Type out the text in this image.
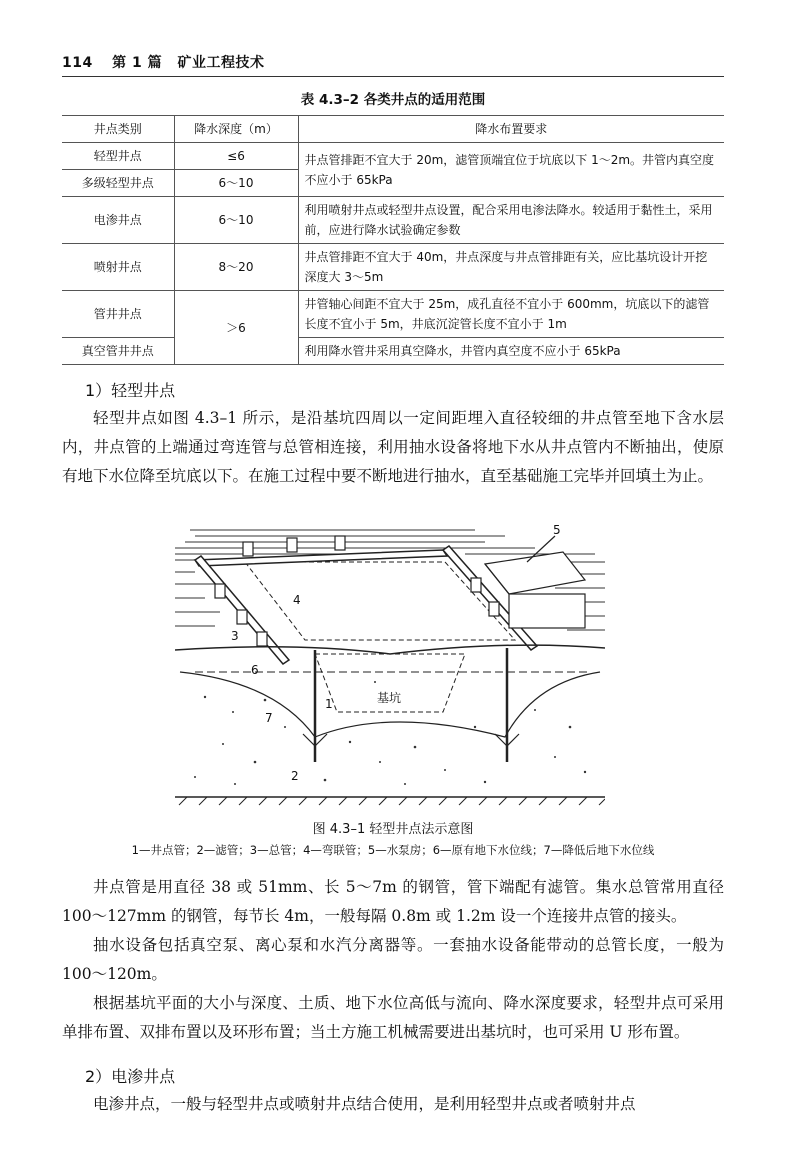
114 第 1 篇 矿业工程技术
表 4.3–2 各类井点的适用范围
井点类别	降水深度（m）	降水布置要求
轻型井点	≤6	井点管排距不宜大于 20m，滤管顶端宜位于坑底以下 1～2m。井管内真空度不应小于 65kPa
多级轻型井点	6～10	
电渗井点	6～10	利用喷射井点或轻型井点设置，配合采用电渗法降水。较适用于黏性土，采用前，应进行降水试验确定参数
喷射井点	8～20	井点管排距不宜大于 40m，井点深度与井点管排距有关，应比基坑设计开挖深度大 3～5m
管井井点	＞6	井管轴心间距不宜大于 25m，成孔直径不宜小于 600mm，坑底以下的滤管长度不宜小于 5m，井底沉淀管长度不宜小于 1m
真空管井井点		利用降水管井采用真空降水，井管内真空度不应小于 65kPa
1）轻型井点

轻型井点如图 4.3–1 所示，是沿基坑四周以一定间距埋入直径较细的井点管至地下含水层内，井点管的上端通过弯连管与总管相连接，利用抽水设备将地下水从井点管内不断抽出，使原有地下水位降至坑底以下。在施工过程中要不断地进行抽水，直至基础施工完毕并回填土为止。

基坑
1
2
3
4
5
6
7
图 4.3–1 轻型井点法示意图
1—井点管；2—滤管；3—总管；4—弯联管；5—水泵房；6—原有地下水位线；7—降低后地下水位线

井点管是用直径 38 或 51mm、长 5～7m 的钢管，管下端配有滤管。集水总管常用直径 100～127mm 的钢管，每节长 4m，一般每隔 0.8m 或 1.2m 设一个连接井点管的接头。

抽水设备包括真空泵、离心泵和水汽分离器等。一套抽水设备能带动的总管长度，一般为 100～120m。

根据基坑平面的大小与深度、土质、地下水位高低与流向、降水深度要求，轻型井点可采用单排布置、双排布置以及环形布置；当土方施工机械需要进出基坑时，也可采用 U 形布置。

2）电渗井点

电渗井点，一般与轻型井点或喷射井点结合使用，是利用轻型井点或者喷射井点
